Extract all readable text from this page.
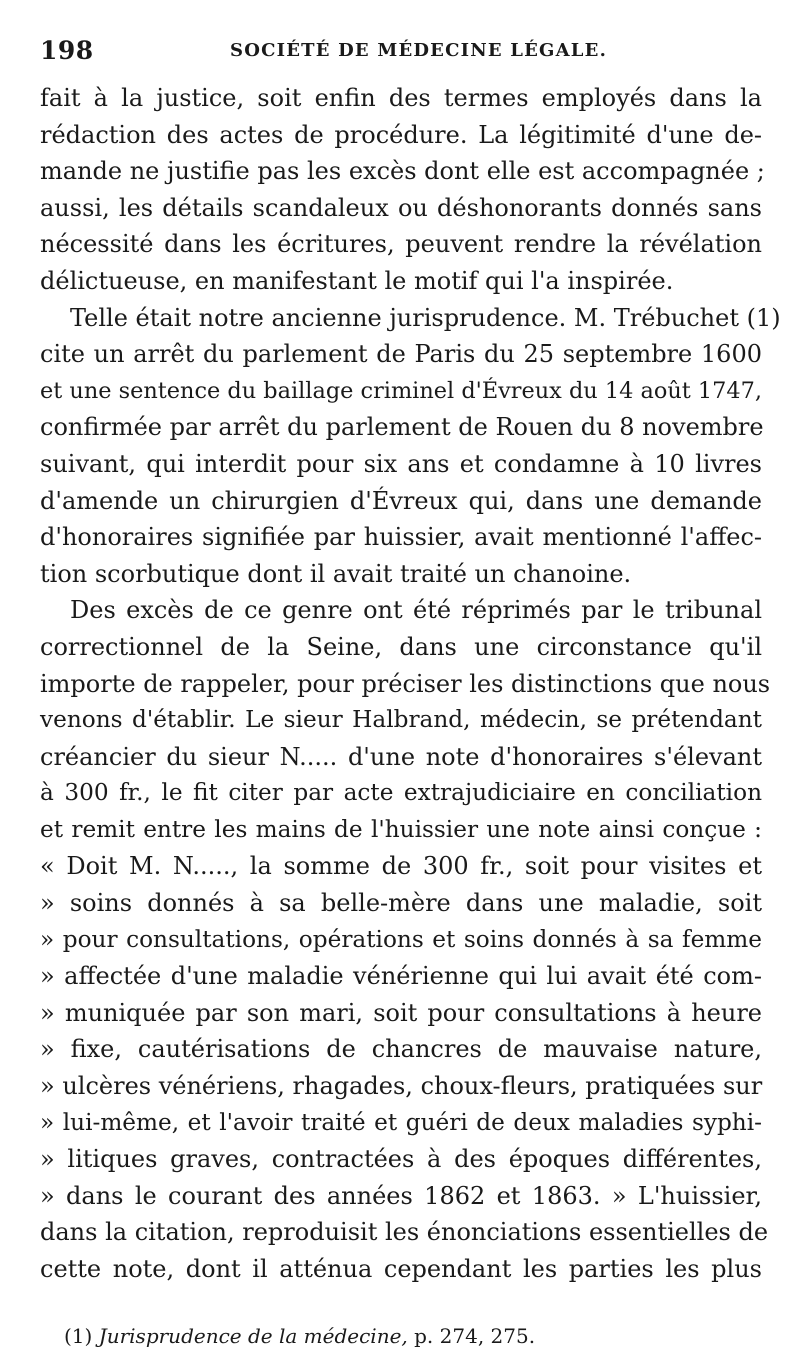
198	SOCIÉTÉ DE MÉDECINE LÉGALE.
fait à la justice, soit enfin des termes employés dans la
rédaction des actes de procédure. La légitimité d'une de-
mande ne justifie pas les excès dont elle est accompagnée ;
aussi, les détails scandaleux ou déshonorants donnés sans
nécessité dans les écritures, peuvent rendre la révélation
délictueuse, en manifestant le motif qui l'a inspirée.
Telle était notre ancienne jurisprudence. M. Trébuchet (1)
cite un arrêt du parlement de Paris du 25 septembre 1600
et une sentence du baillage criminel d'Évreux du 14 août 1747,
confirmée par arrêt du parlement de Rouen du 8 novembre
suivant, qui interdit pour six ans et condamne à 10 livres
d'amende un chirurgien d'Évreux qui, dans une demande
d'honoraires signifiée par huissier, avait mentionné l'affec-
tion scorbutique dont il avait traité un chanoine.
Des excès de ce genre ont été réprimés par le tribunal
correctionnel de la Seine, dans une circonstance qu'il
importe de rappeler, pour préciser les distinctions que nous
venons d'établir. Le sieur Halbrand, médecin, se prétendant
créancier du sieur N..... d'une note d'honoraires s'élevant
à 300 fr., le fit citer par acte extrajudiciaire en conciliation
et remit entre les mains de l'huissier une note ainsi conçue :
« Doit M. N....., la somme de 300 fr., soit pour visites et
» soins donnés à sa belle-mère dans une maladie, soit
» pour consultations, opérations et soins donnés à sa femme
» affectée d'une maladie vénérienne qui lui avait été com-
» muniquée par son mari, soit pour consultations à heure
» fixe, cautérisations de chancres de mauvaise nature,
» ulcères vénériens, rhagades, choux-fleurs, pratiquées sur
» lui-même, et l'avoir traité et guéri de deux maladies syphi-
» litiques graves, contractées à des époques différentes,
» dans le courant des années 1862 et 1863. » L'huissier,
dans la citation, reproduisit les énonciations essentielles de
cette note, dont il atténua cependant les parties les plus
(1) Jurisprudence de la médecine, p. 274, 275.
